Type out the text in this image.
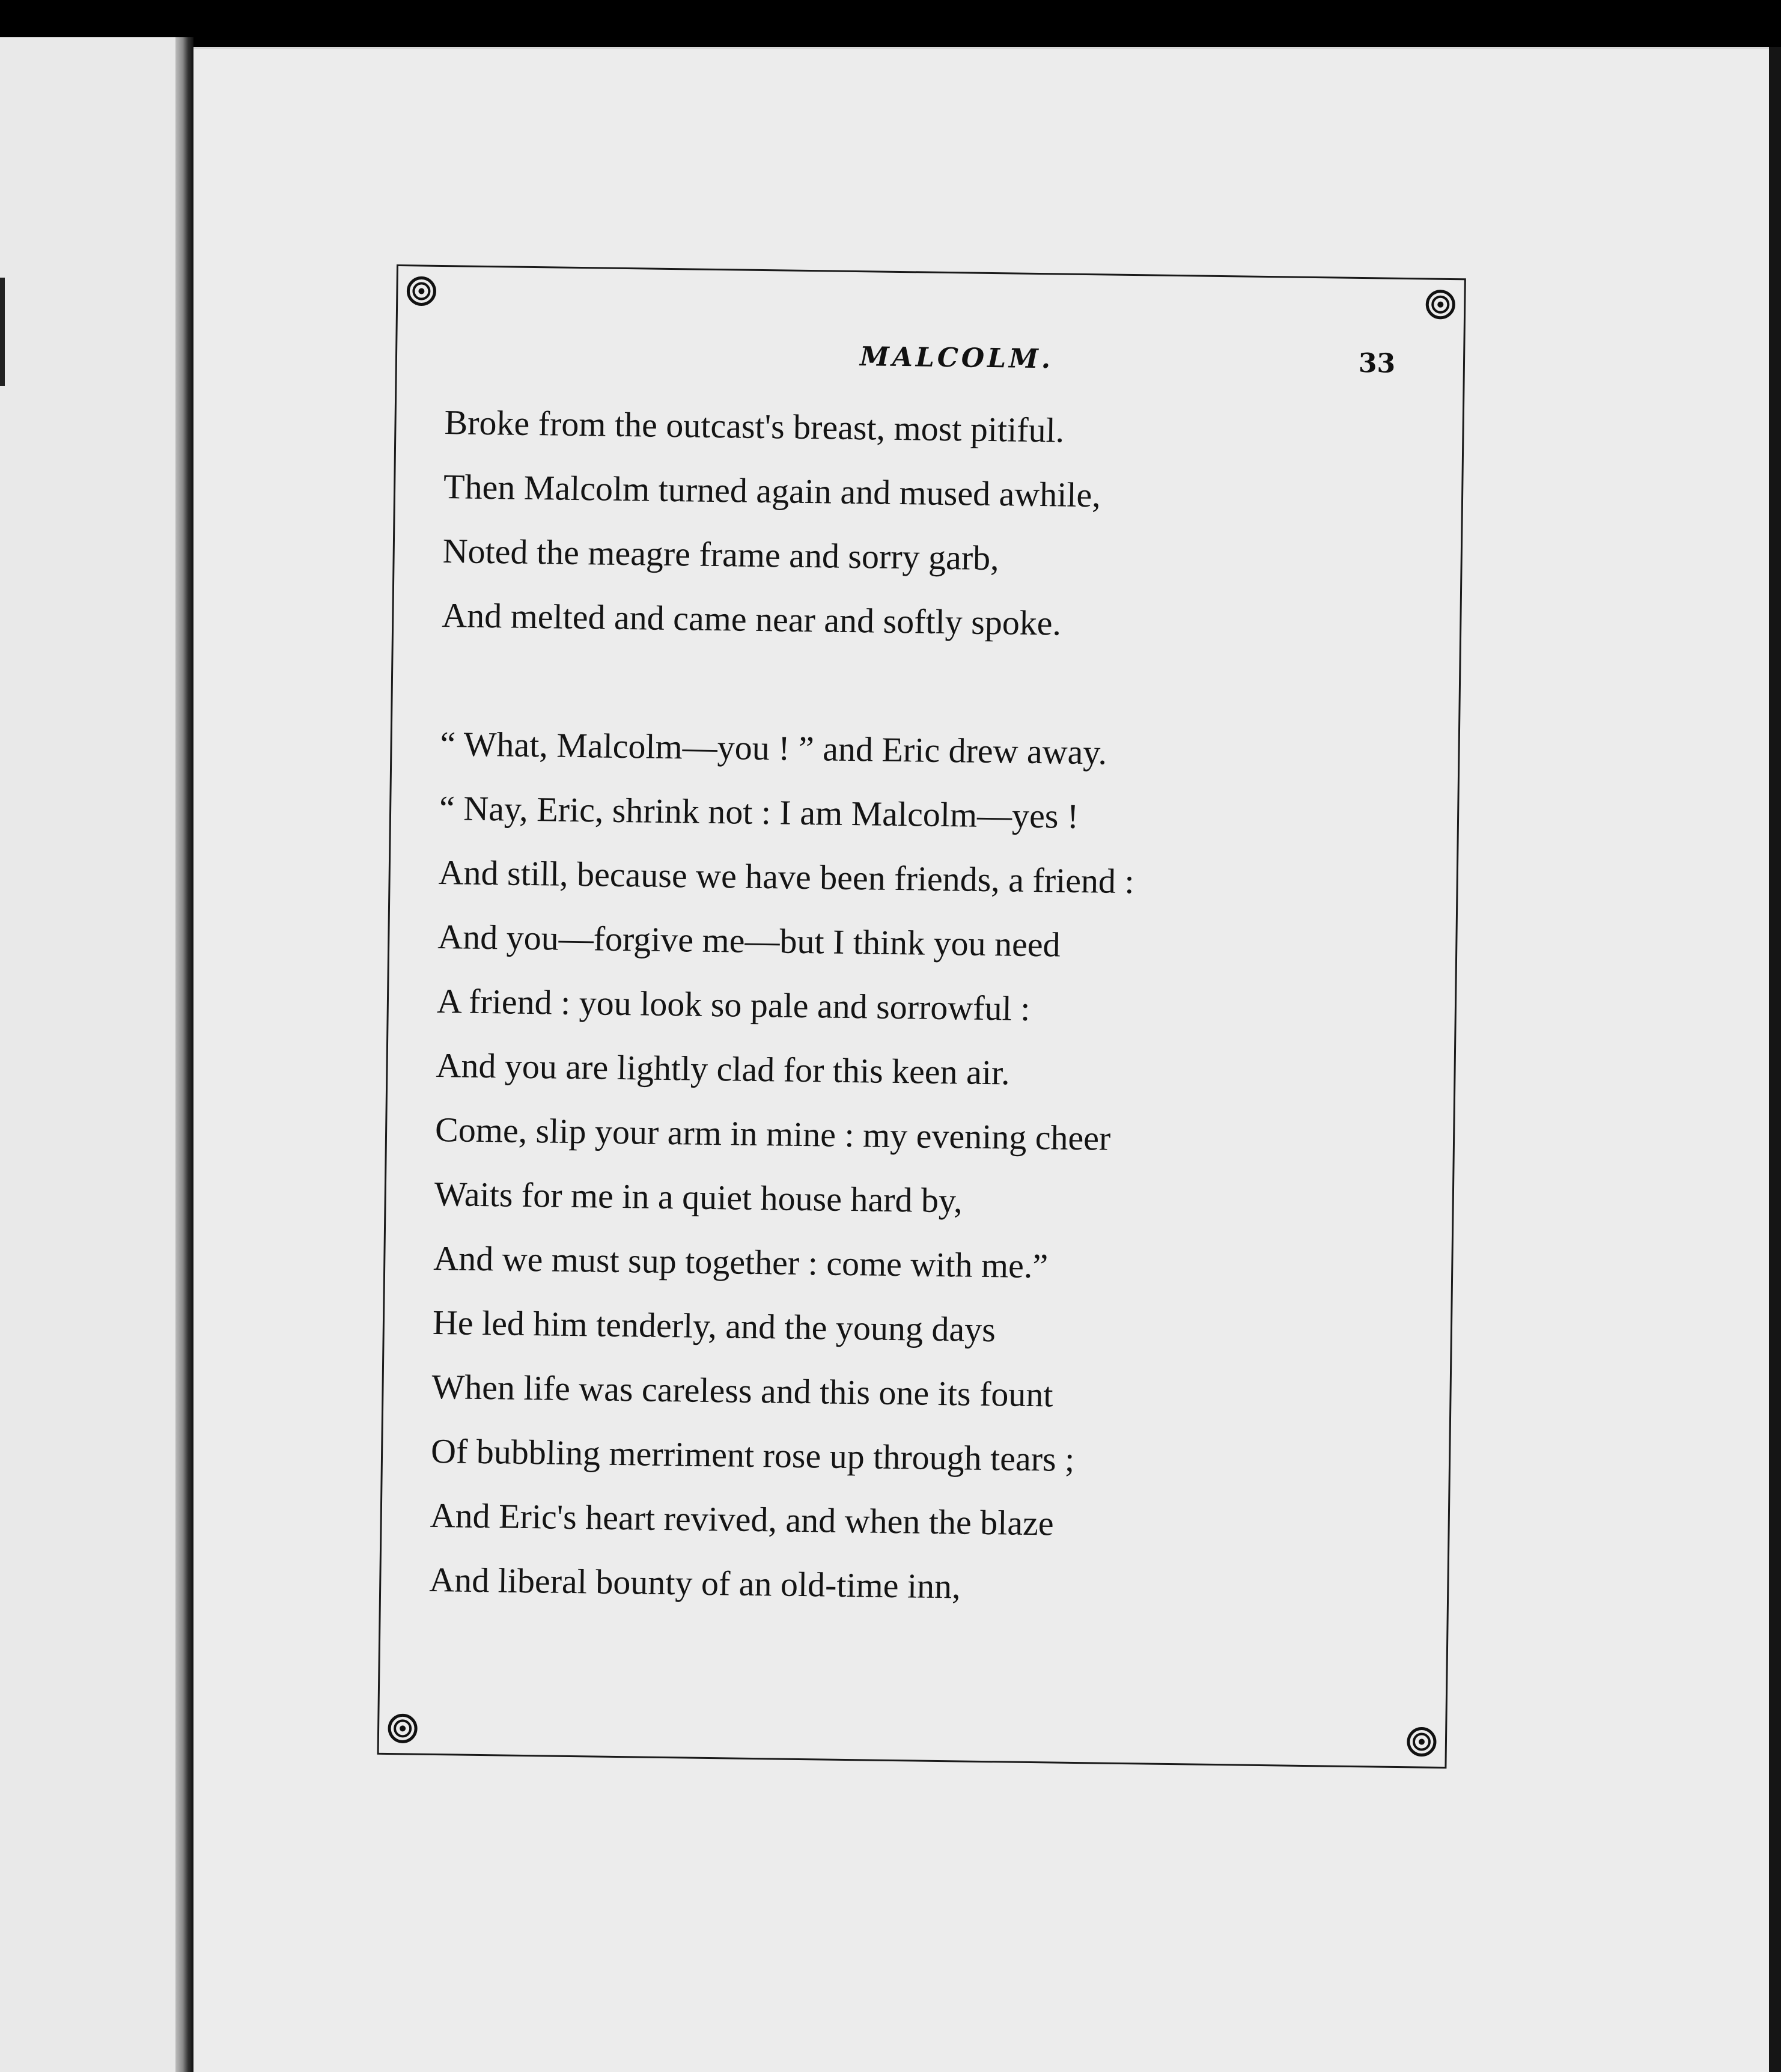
MALCOLM.	33
Broke from the outcast's breast, most pitiful.
Then Malcolm turned again and mused awhile,
Noted the meagre frame and sorry garb,
And melted and came near and softly spoke.
“ What, Malcolm—you ! ” and Eric drew away.
“ Nay, Eric, shrink not : I am Malcolm—yes !
And still, because we have been friends, a friend :
And you—forgive me—but I think you need
A friend : you look so pale and sorrowful :
And you are lightly clad for this keen air.
Come, slip your arm in mine : my evening cheer
Waits for me in a quiet house hard by,
And we must sup together : come with me.”
He led him tenderly, and the young days
When life was careless and this one its fount
Of bubbling merriment rose up through tears ;
And Eric's heart revived, and when the blaze
And liberal bounty of an old-time inn,
